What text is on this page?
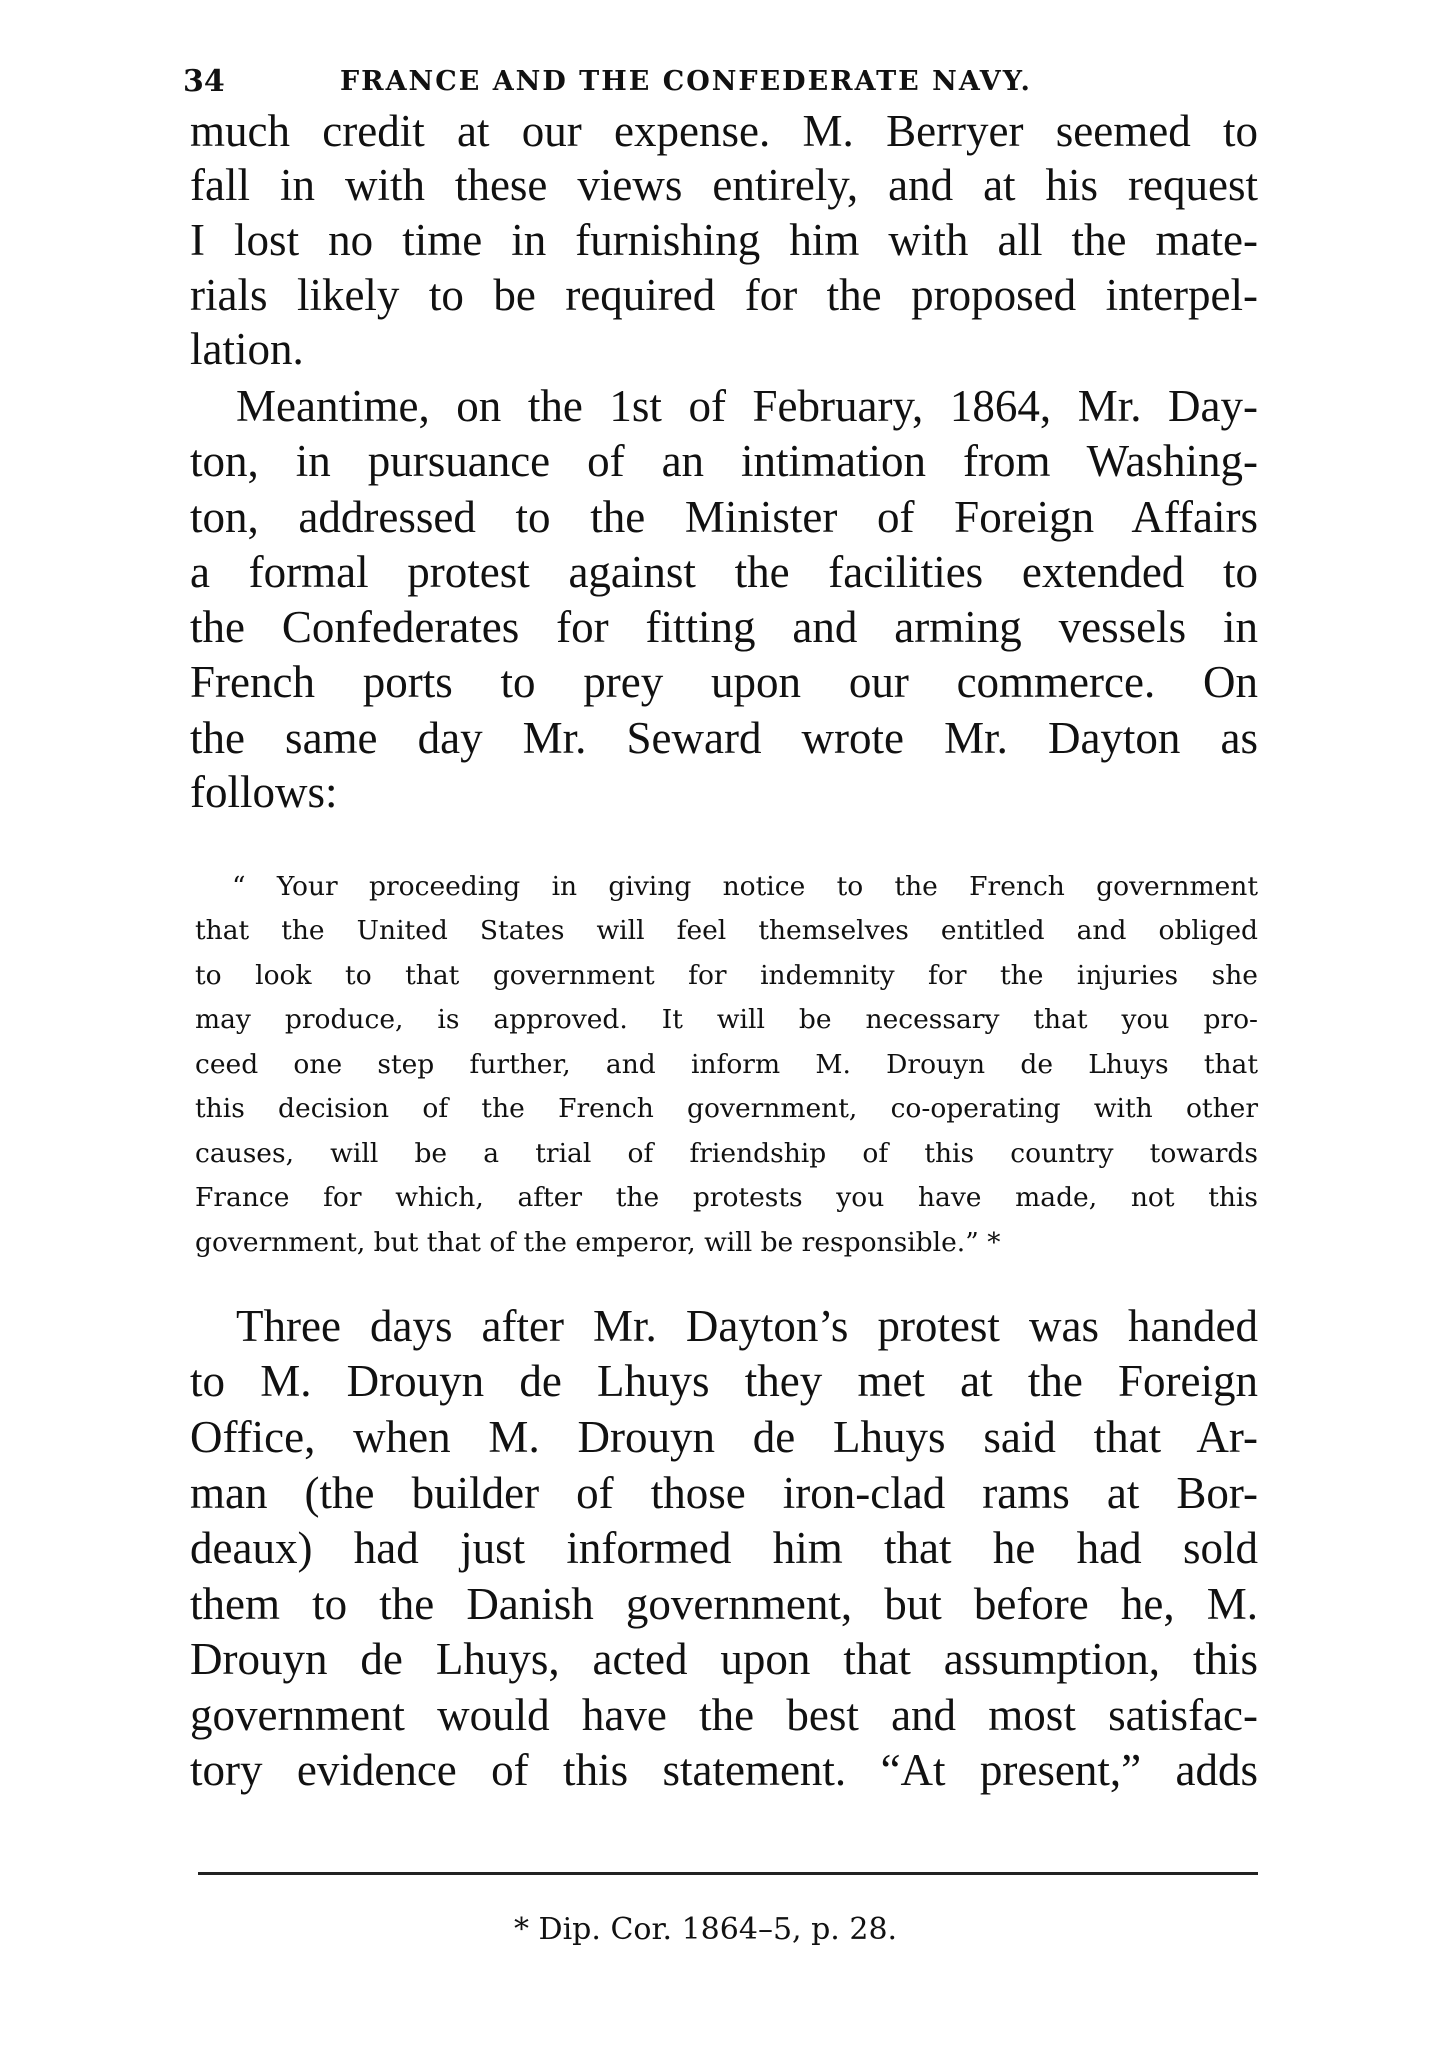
34	FRANCE AND THE CONFEDERATE NAVY.
much credit at our expense. M. Berryer seemed to
fall in with these views entirely, and at his request
I lost no time in furnishing him with all the mate-
rials likely to be required for the proposed interpel-
lation.
Meantime, on the 1st of February, 1864, Mr. Day-
ton, in pursuance of an intimation from Washing-
ton, addressed to the Minister of Foreign Affairs
a formal protest against the facilities extended to
the Confederates for fitting and arming vessels in
French ports to prey upon our commerce. On
the same day Mr. Seward wrote Mr. Dayton as
follows:
“ Your proceeding in giving notice to the French government
that the United States will feel themselves entitled and obliged
to look to that government for indemnity for the injuries she
may produce, is approved. It will be necessary that you pro-
ceed one step further, and inform M. Drouyn de Lhuys that
this decision of the French government, co-operating with other
causes, will be a trial of friendship of this country towards
France for which, after the protests you have made, not this
government, but that of the emperor, will be responsible.” *
Three days after Mr. Dayton’s protest was handed
to M. Drouyn de Lhuys they met at the Foreign
Office, when M. Drouyn de Lhuys said that Ar-
man (the builder of those iron-clad rams at Bor-
deaux) had just informed him that he had sold
them to the Danish government, but before he, M.
Drouyn de Lhuys, acted upon that assumption, this
government would have the best and most satisfac-
tory evidence of this statement. “At present,” adds
* Dip. Cor. 1864–5, p. 28.
